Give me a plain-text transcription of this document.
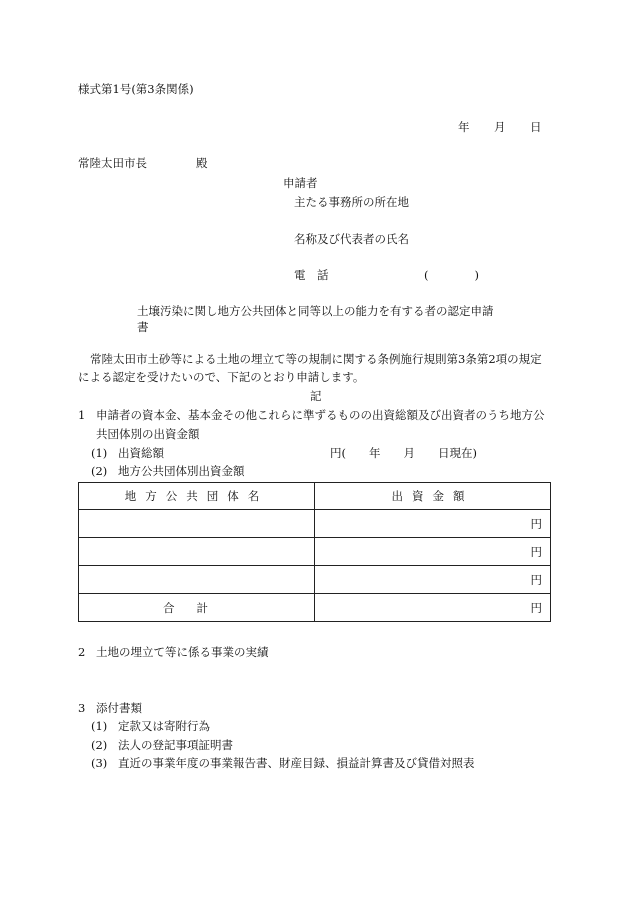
様式第1号(第3条関係)
年 月 日
常陸太田市長	殿
申請者
主たる事務所の所在地
名称及び代表者の氏名
電　話	(　　　　)
土壌汚染に関し地方公共団体と同等以上の能力を有する者の認定申請
書
常陸太田市土砂等による土地の埋立て等の規制に関する条例施行規則第3条第2項の規定
による認定を受けたいので、下記のとおり申請します。
記
1 申請者の資本金、基本金その他これらに準ずるものの出資総額及び出資者のうち地方公
共団体別の出資金額
(1) 出資総額	円(　　年　　月　　日現在)
(2) 地方公共団体別出資金額
地方公共団体名	出資金額
	円
	円
	円
合計	円
2 土地の埋立て等に係る事業の実績
3 添付書類
(1) 定款又は寄附行為
(2) 法人の登記事項証明書
(3) 直近の事業年度の事業報告書、財産目録、損益計算書及び貸借対照表
